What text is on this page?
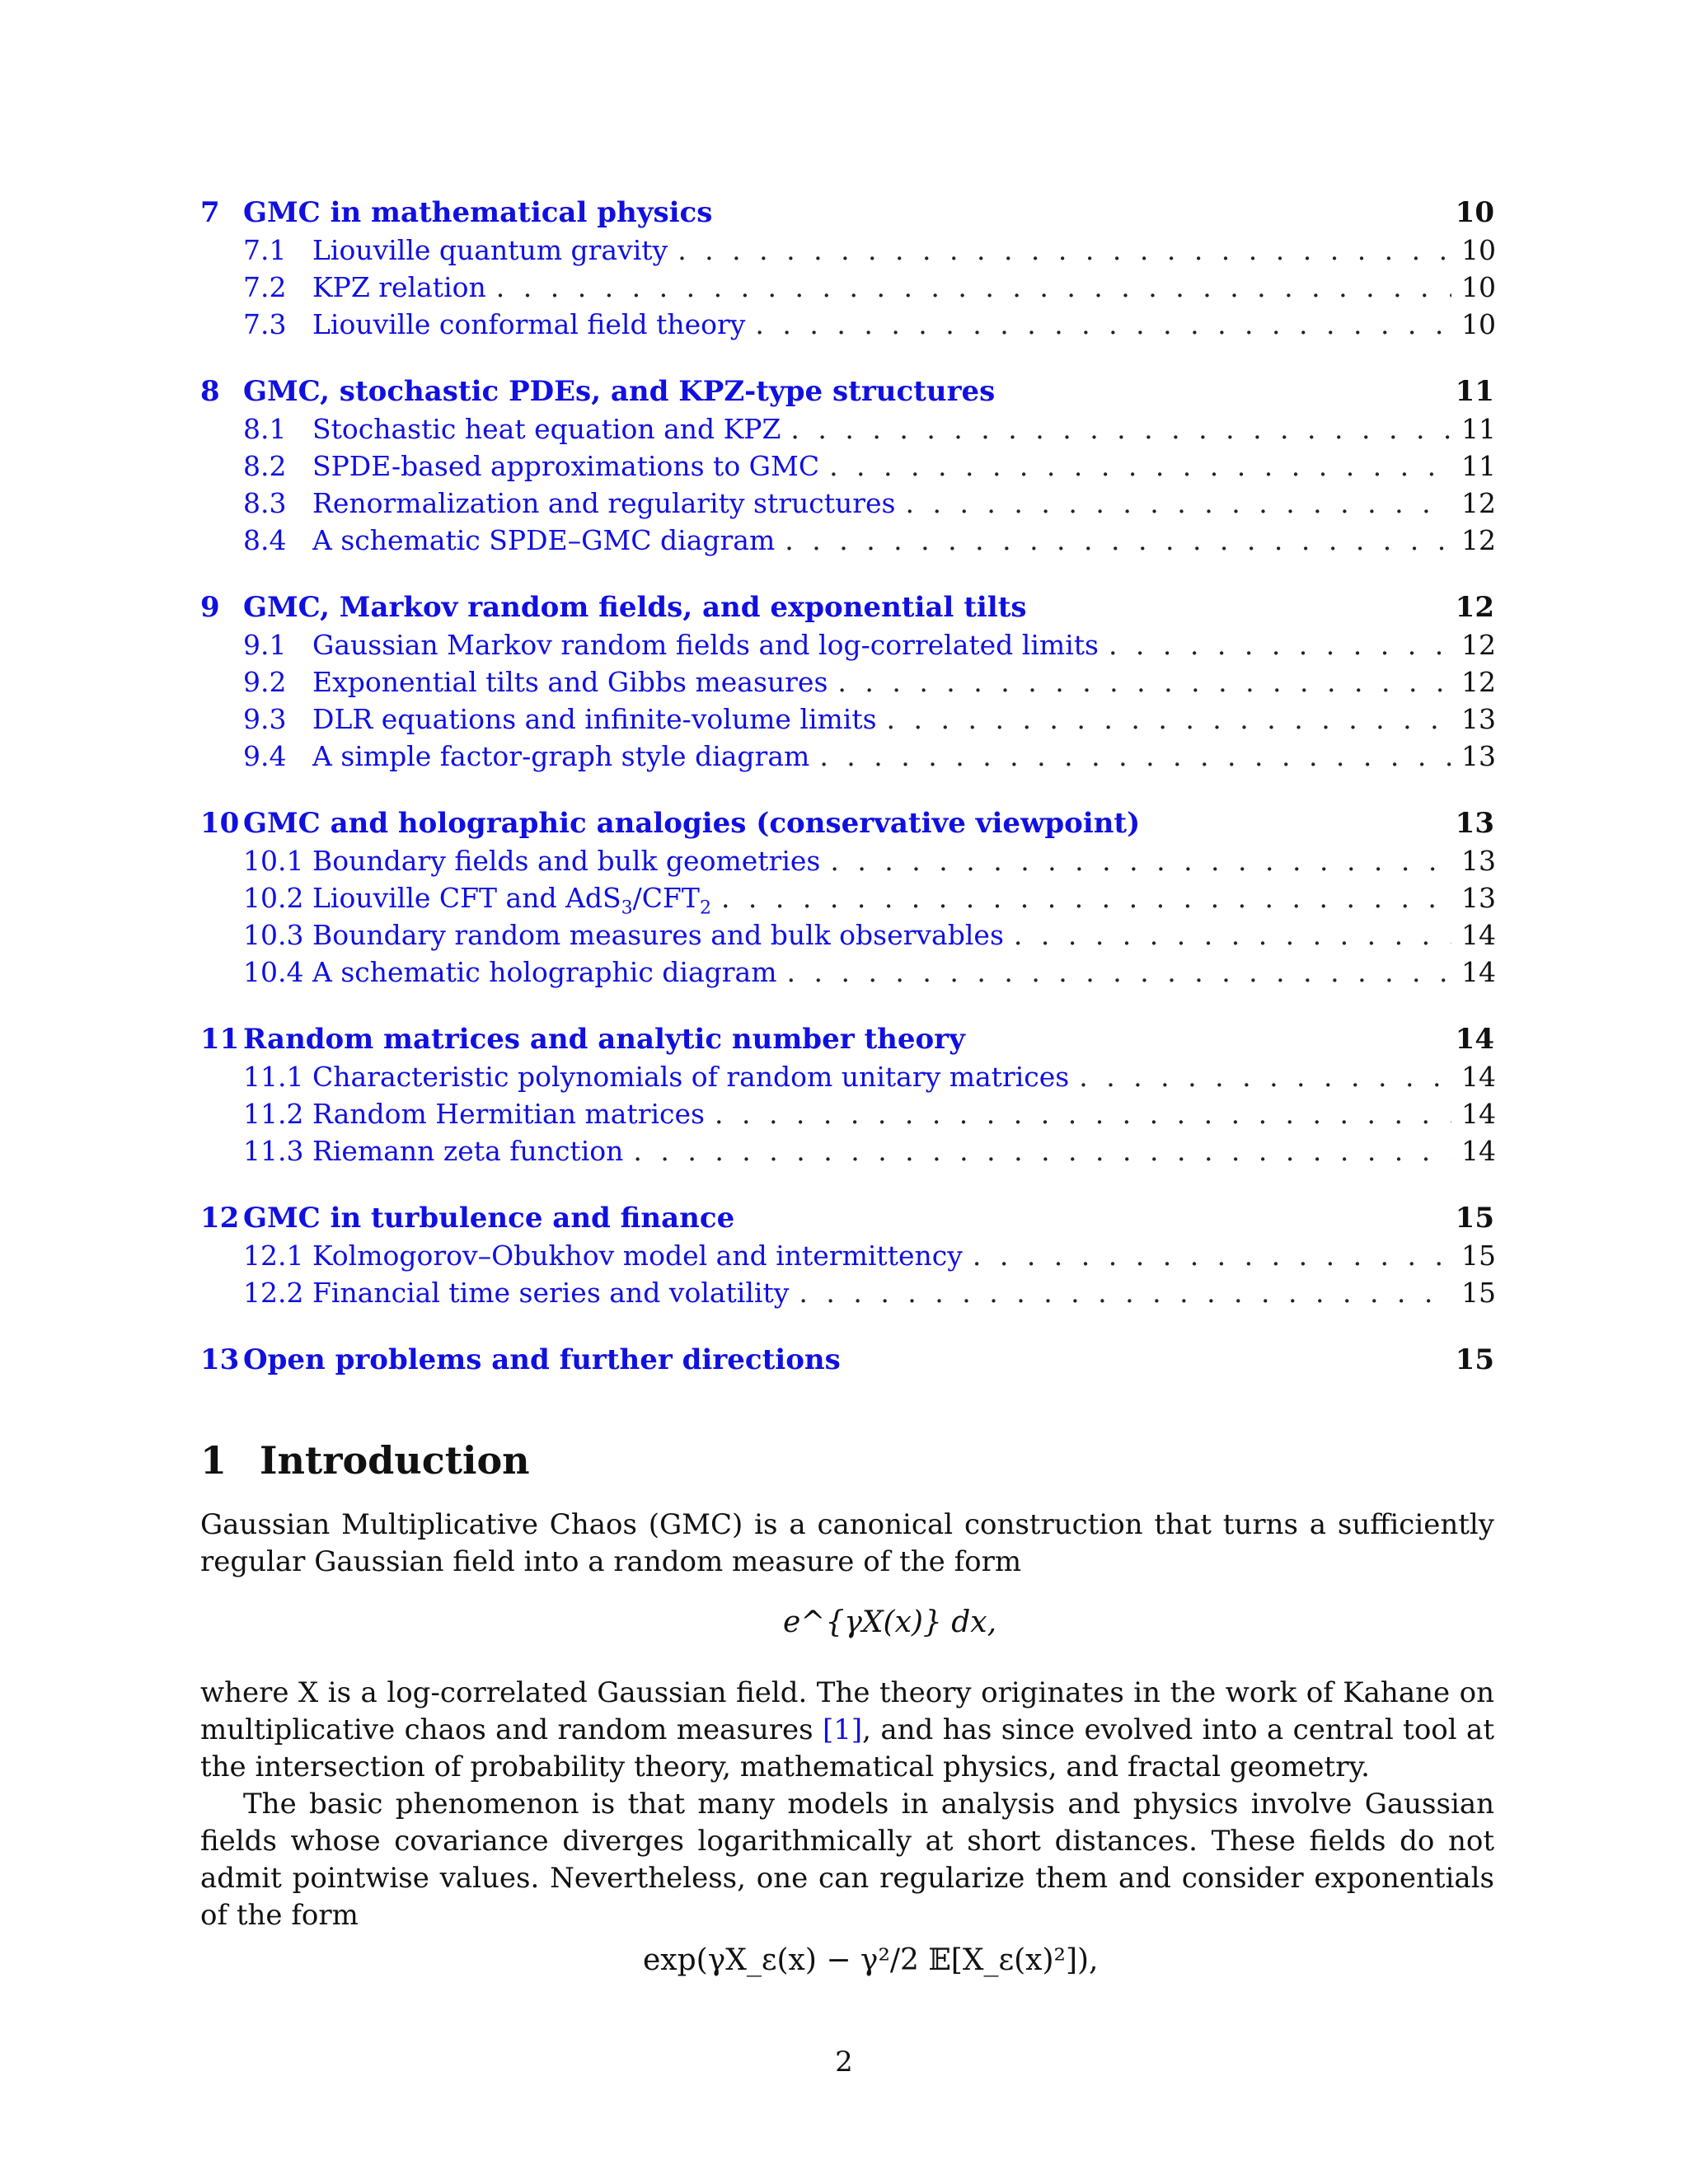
7 GMC in mathematical physics	10
7.1 Liouville quantum gravity . . .	10
7.2 KPZ relation . . .	10
7.3 Liouville conformal field theory . . .	10
8 GMC, stochastic PDEs, and KPZ-type structures	11
8.1 Stochastic heat equation and KPZ . . .	11
8.2 SPDE-based approximations to GMC . . .	11
8.3 Renormalization and regularity structures . . .	12
8.4 A schematic SPDE–GMC diagram . . .	12
9 GMC, Markov random fields, and exponential tilts	12
9.1 Gaussian Markov random fields and log-correlated limits . . .	12
9.2 Exponential tilts and Gibbs measures . . .	12
9.3 DLR equations and infinite-volume limits . . .	13
9.4 A simple factor-graph style diagram . . .	13
10 GMC and holographic analogies (conservative viewpoint)	13
10.1 Boundary fields and bulk geometries . . .	13
10.2 Liouville CFT and $AdS_3/CFT_2$ . . .	13
10.3 Boundary random measures and bulk observables . . .	14
10.4 A schematic holographic diagram . . .	14
11 Random matrices and analytic number theory	14
11.1 Characteristic polynomials of random unitary matrices . . .	14
11.2 Random Hermitian matrices . . .	14
11.3 Riemann zeta function . . .	14
12 GMC in turbulence and finance	15
12.1 Kolmogorov–Obukhov model and intermittency . . .	15
12.2 Financial time series and volatility . . .	15
13 Open problems and further directions	15
1 Introduction

Gaussian Multiplicative Chaos (GMC) is a canonical construction that turns a sufficiently regular Gaussian field into a random measure of the form

e^{γX(x)} dx,

where X is a log-correlated Gaussian field. The theory originates in the work of Kahane on multiplicative chaos and random measures [1], and has since evolved into a central tool at the intersection of probability theory, mathematical physics, and fractal geometry.

The basic phenomenon is that many models in analysis and physics involve Gaussian fields whose covariance diverges logarithmically at short distances. These fields do not admit pointwise values. Nevertheless, one can regularize them and consider exponentials of the form

exp(γX_ε(x) − γ²/2 𝔼[X_ε(x)²]),
2
